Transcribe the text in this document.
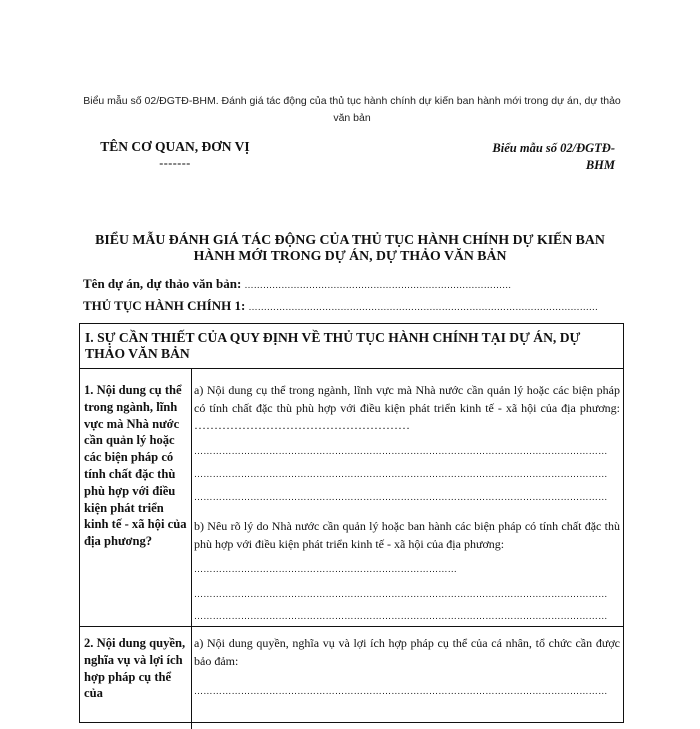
Biểu mẫu số 02/ĐGTĐ-BHM. Đánh giá tác động của thủ tục hành chính dự kiến ban hành mới trong dự án, dự thảo văn bản
TÊN CƠ QUAN, ĐƠN VỊ
-------
Biểu mẫu số 02/ĐGTĐ-BHM
BIỂU MẪU ĐÁNH GIÁ TÁC ĐỘNG CỦA THỦ TỤC HÀNH CHÍNH DỰ KIẾN BAN HÀNH MỚI TRONG DỰ ÁN, DỰ THẢO VĂN BẢN
Tên dự án, dự thảo văn bản: ……………………………………………………………………………
THỦ TỤC HÀNH CHÍNH 1: ……………………………………………………………………………………………………
I. SỰ CẦN THIẾT CỦA QUY ĐỊNH VỀ THỦ TỤC HÀNH CHÍNH TẠI DỰ ÁN, DỰ THẢO VĂN BẢN
1. Nội dung cụ thể trong ngành, lĩnh vực mà Nhà nước cần quản lý hoặc các biện pháp có tính chất đặc thù phù hợp với điều kiện phát triển kinh tế - xã hội của địa phương?
a) Nội dung cụ thể trong ngành, lĩnh vực mà Nhà nước cần quản lý hoặc các biện pháp có tính chất đặc thù phù hợp với điều kiện phát triển kinh tế - xã hội của địa phương: ………………………………………………
……………………………………………………………………………………………………………………
……………………………………………………………………………………………………………………
……………………………………………………………………………………………………………………
b) Nêu rõ lý do Nhà nước cần quản lý hoặc ban hành các biện pháp có tính chất đặc thù phù hợp với điều kiện phát triển kinh tế - xã hội của địa phương:
…………………………………………………………………………
……………………………………………………………………………………………………………………
……………………………………………………………………………………………………………………
2. Nội dung quyền, nghĩa vụ và lợi ích hợp pháp cụ thể của
a) Nội dung quyền, nghĩa vụ và lợi ích hợp pháp cụ thể của cá nhân, tổ chức cần được bảo đảm:
……………………………………………………………………………………………………………………
